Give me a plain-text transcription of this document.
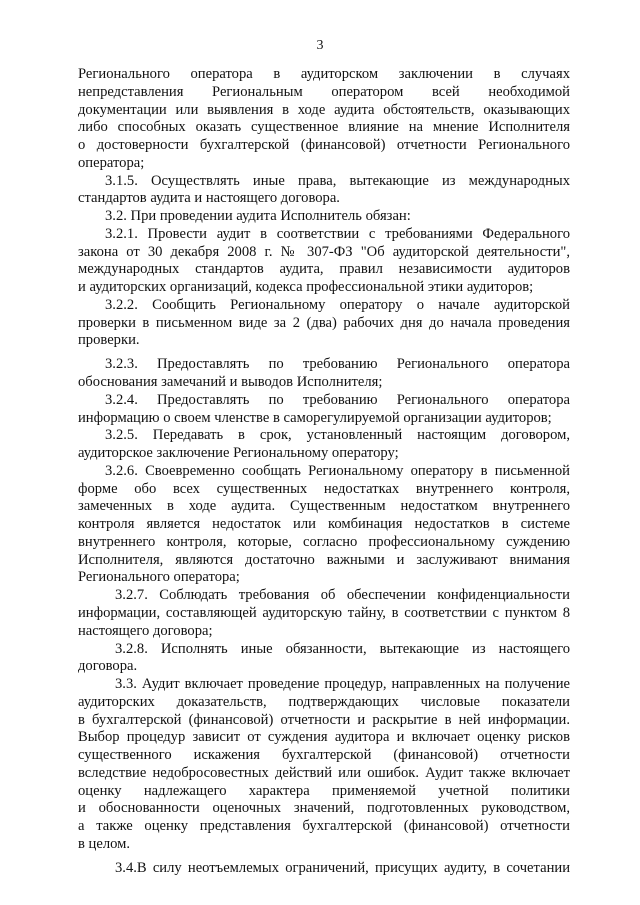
3
Регионального оператора в аудиторском заключении в случаях
непредставления Региональным оператором всей необходимой
документации или выявления в ходе аудита обстоятельств, оказывающих
либо способных оказать существенное влияние на мнение Исполнителя
о достоверности бухгалтерской (финансовой) отчетности Регионального
оператора;
3.1.5. Осуществлять иные права, вытекающие из международных
стандартов аудита и настоящего договора.
3.2. При проведении аудита Исполнитель обязан:
3.2.1. Провести аудит в соответствии с требованиями Федерального
закона от 30 декабря 2008 г. № 307-ФЗ "Об аудиторской деятельности",
международных стандартов аудита, правил независимости аудиторов
и аудиторских организаций, кодекса профессиональной этики аудиторов;
3.2.2. Сообщить Региональному оператору о начале аудиторской
проверки в письменном виде за 2 (два) рабочих дня до начала проведения
проверки.
3.2.3. Предоставлять по требованию Регионального оператора
обоснования замечаний и выводов Исполнителя;
3.2.4. Предоставлять по требованию Регионального оператора
информацию о своем членстве в саморегулируемой организации аудиторов;
3.2.5. Передавать в срок, установленный настоящим договором,
аудиторское заключение Региональному оператору;
3.2.6. Своевременно сообщать Региональному оператору в письменной
форме обо всех существенных недостатках внутреннего контроля,
замеченных в ходе аудита. Существенным недостатком внутреннего
контроля является недостаток или комбинация недостатков в системе
внутреннего контроля, которые, согласно профессиональному суждению
Исполнителя, являются достаточно важными и заслуживают внимания
Регионального оператора;
3.2.7. Соблюдать требования об обеспечении конфиденциальности
информации, составляющей аудиторскую тайну, в соответствии с пунктом 8
настоящего договора;
3.2.8. Исполнять иные обязанности, вытекающие из настоящего
договора.
3.3. Аудит включает проведение процедур, направленных на получение
аудиторских доказательств, подтверждающих числовые показатели
в бухгалтерской (финансовой) отчетности и раскрытие в ней информации.
Выбор процедур зависит от суждения аудитора и включает оценку рисков
существенного искажения бухгалтерской (финансовой) отчетности
вследствие недобросовестных действий или ошибок. Аудит также включает
оценку надлежащего характера применяемой учетной политики
и обоснованности оценочных значений, подготовленных руководством,
а также оценку представления бухгалтерской (финансовой) отчетности
в целом.
3.4.В силу неотъемлемых ограничений, присущих аудиту, в сочетании
